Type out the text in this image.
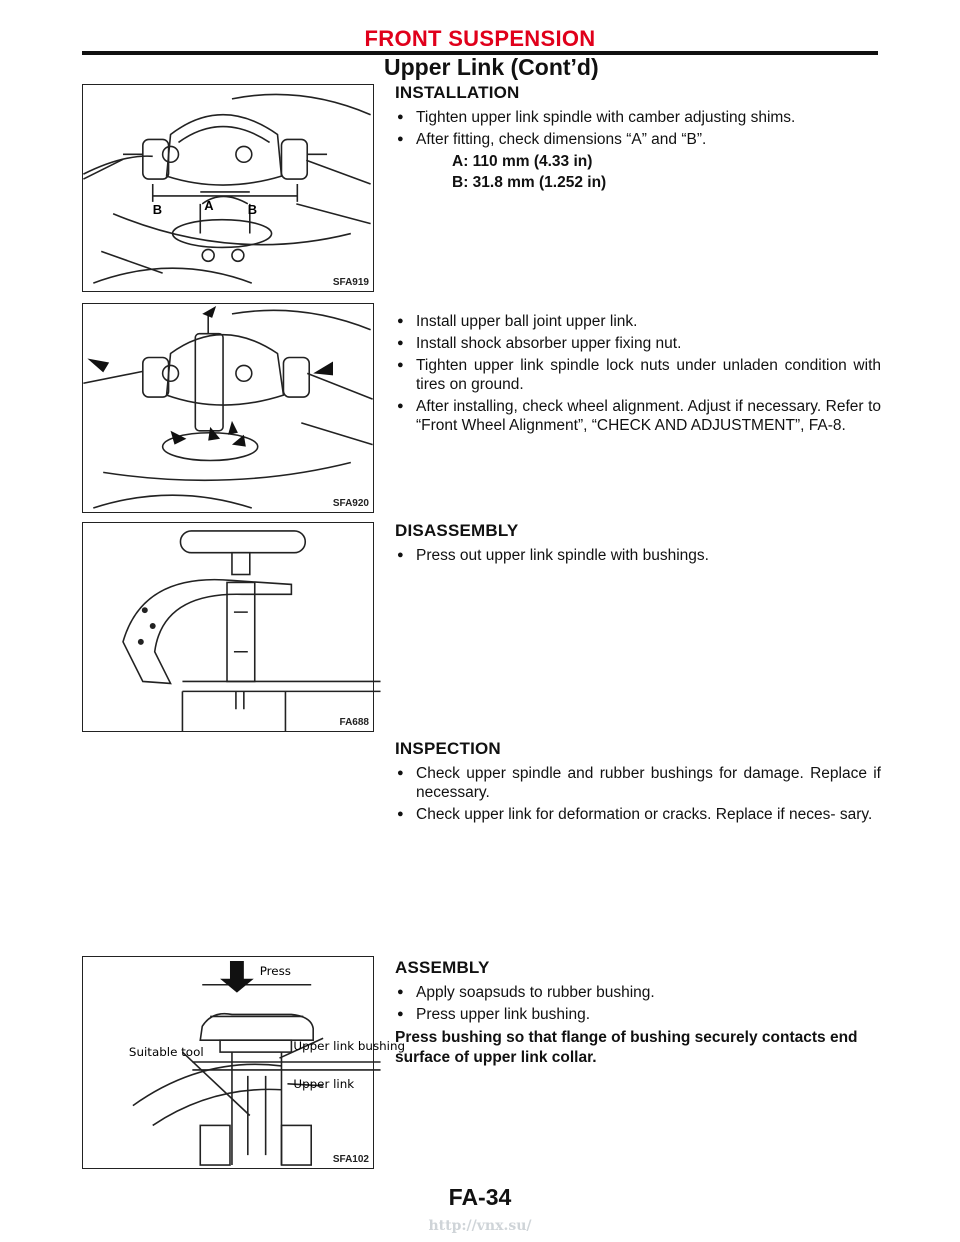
FRONT SUSPENSION
Upper Link (Cont’d)
B	A	B
SFA919
SFA920
FA688
Press
Upper link bushing
Suitable tool
Upper link
SFA102
INSTALLATION
● Tighten upper link spindle with camber adjusting shims.
● After fitting, check dimensions “A” and “B”.
A: 110 mm (4.33 in)
B: 31.8 mm (1.252 in)
● Install upper ball joint upper link.
● Install shock absorber upper fixing nut.
● Tighten upper link spindle lock nuts under unladen condition with tires on ground.
● After installing, check wheel alignment. Adjust if necessary. Refer to “Front Wheel Alignment”, “CHECK AND ADJUSTMENT”, FA-8.
DISASSEMBLY
● Press out upper link spindle with bushings.
INSPECTION
● Check upper spindle and rubber bushings for damage. Replace if necessary.
● Check upper link for deformation or cracks. Replace if neces- sary.
ASSEMBLY
● Apply soapsuds to rubber bushing.
● Press upper link bushing.
Press bushing so that flange of bushing securely contacts end surface of upper link collar.
FA-34
http://vnx.su/
